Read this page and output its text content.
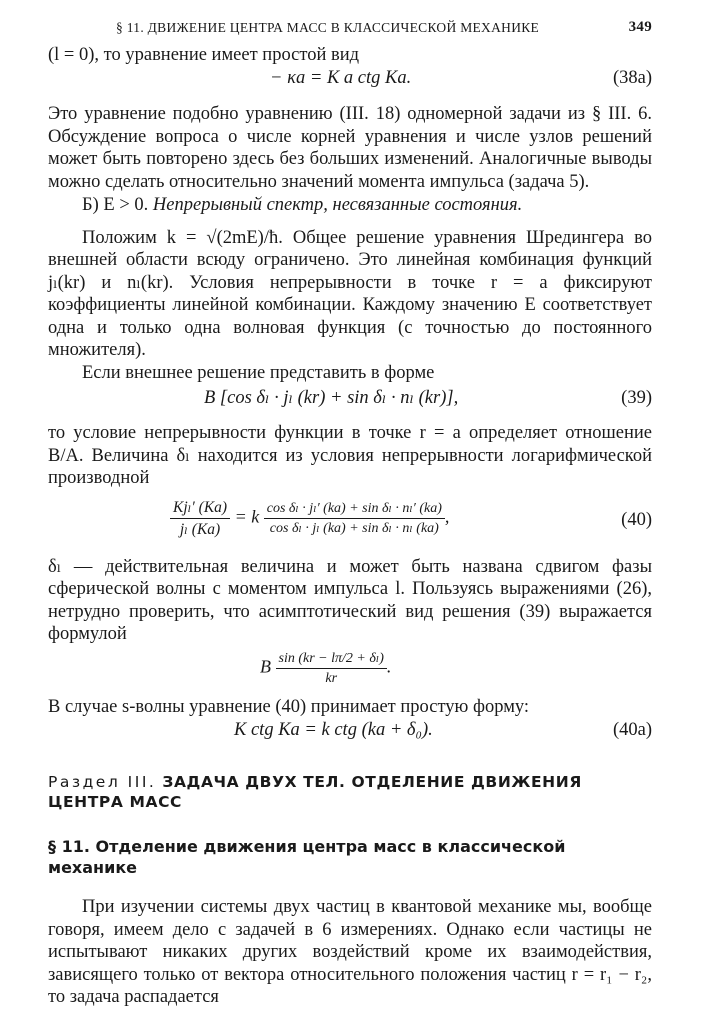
§ 11. ДВИЖЕНИЕ ЦЕНТРА МАСС В КЛАССИЧЕСКОЙ МЕХАНИКЕ	349
(l = 0), то уравнение имеет простой вид
− κa = K a ctg Ka.	(38а)

Это уравнение подобно уравнению (III. 18) одномерной задачи из § III. 6. Обсуждение вопроса о числе корней уравнения и числе узлов решений может быть повторено здесь без больших изменений. Аналогичные выводы можно сделать относительно значений момента импульса (задача 5).

Б) E > 0. Непрерывный спектр, несвязанные состояния.

Положим k = √(2mE)/ħ. Общее решение уравнения Шредингера во внешней области всюду ограничено. Это линейная комбинация функций jₗ(kr) и nₗ(kr). Условия непрерывности в точке r = a фиксируют коэффициенты линейной комбинации. Каждому значению E соответствует одна и только одна волновая функция (с точностью до постоянного множителя).

Если внешнее решение представить в форме

B [cos δₗ · jₗ (kr) + sin δₗ · nₗ (kr)],	(39)

то условие непрерывности функции в точке r = a определяет отношение B/A. Величина δₗ находится из условия непрерывности логарифмической производной

$\frac{\text{Kjₗ′ (Ka)}}{\text{jₗ (Ka)}} = k \frac{\text{cos δₗ · jₗ′ (ka) + sin δₗ · nₗ′ (ka)}}{\text{cos δₗ · jₗ (ka) + sin δₗ · nₗ (ka)}}$ ,	(40)

δₗ — действительная величина и может быть названа сдвигом фазы сферической волны с моментом импульса l. Пользуясь выражениями (26), нетрудно проверить, что асимптотический вид решения (39) выражается формулой

B $\frac{\text{sin (kr − lπ/2 + δₗ)}}{kr}$ .

В случае s-волны уравнение (40) принимает простую форму:

K ctg Ka = k ctg (ka + δ₀).	(40а)
Раздел III. ЗАДАЧА ДВУХ ТЕЛ. ОТДЕЛЕНИЕ ДВИЖЕНИЯ ЦЕНТРА МАСС
§ 11. Отделение движения центра масс в классической механике

При изучении системы двух частиц в квантовой механике мы, вообще говоря, имеем дело с задачей в 6 измерениях. Однако если частицы не испытывают никаких других воздействий кроме их взаимодействия, зависящего только от вектора относительного положения частиц r = r₁ − r₂, то задача распадается
